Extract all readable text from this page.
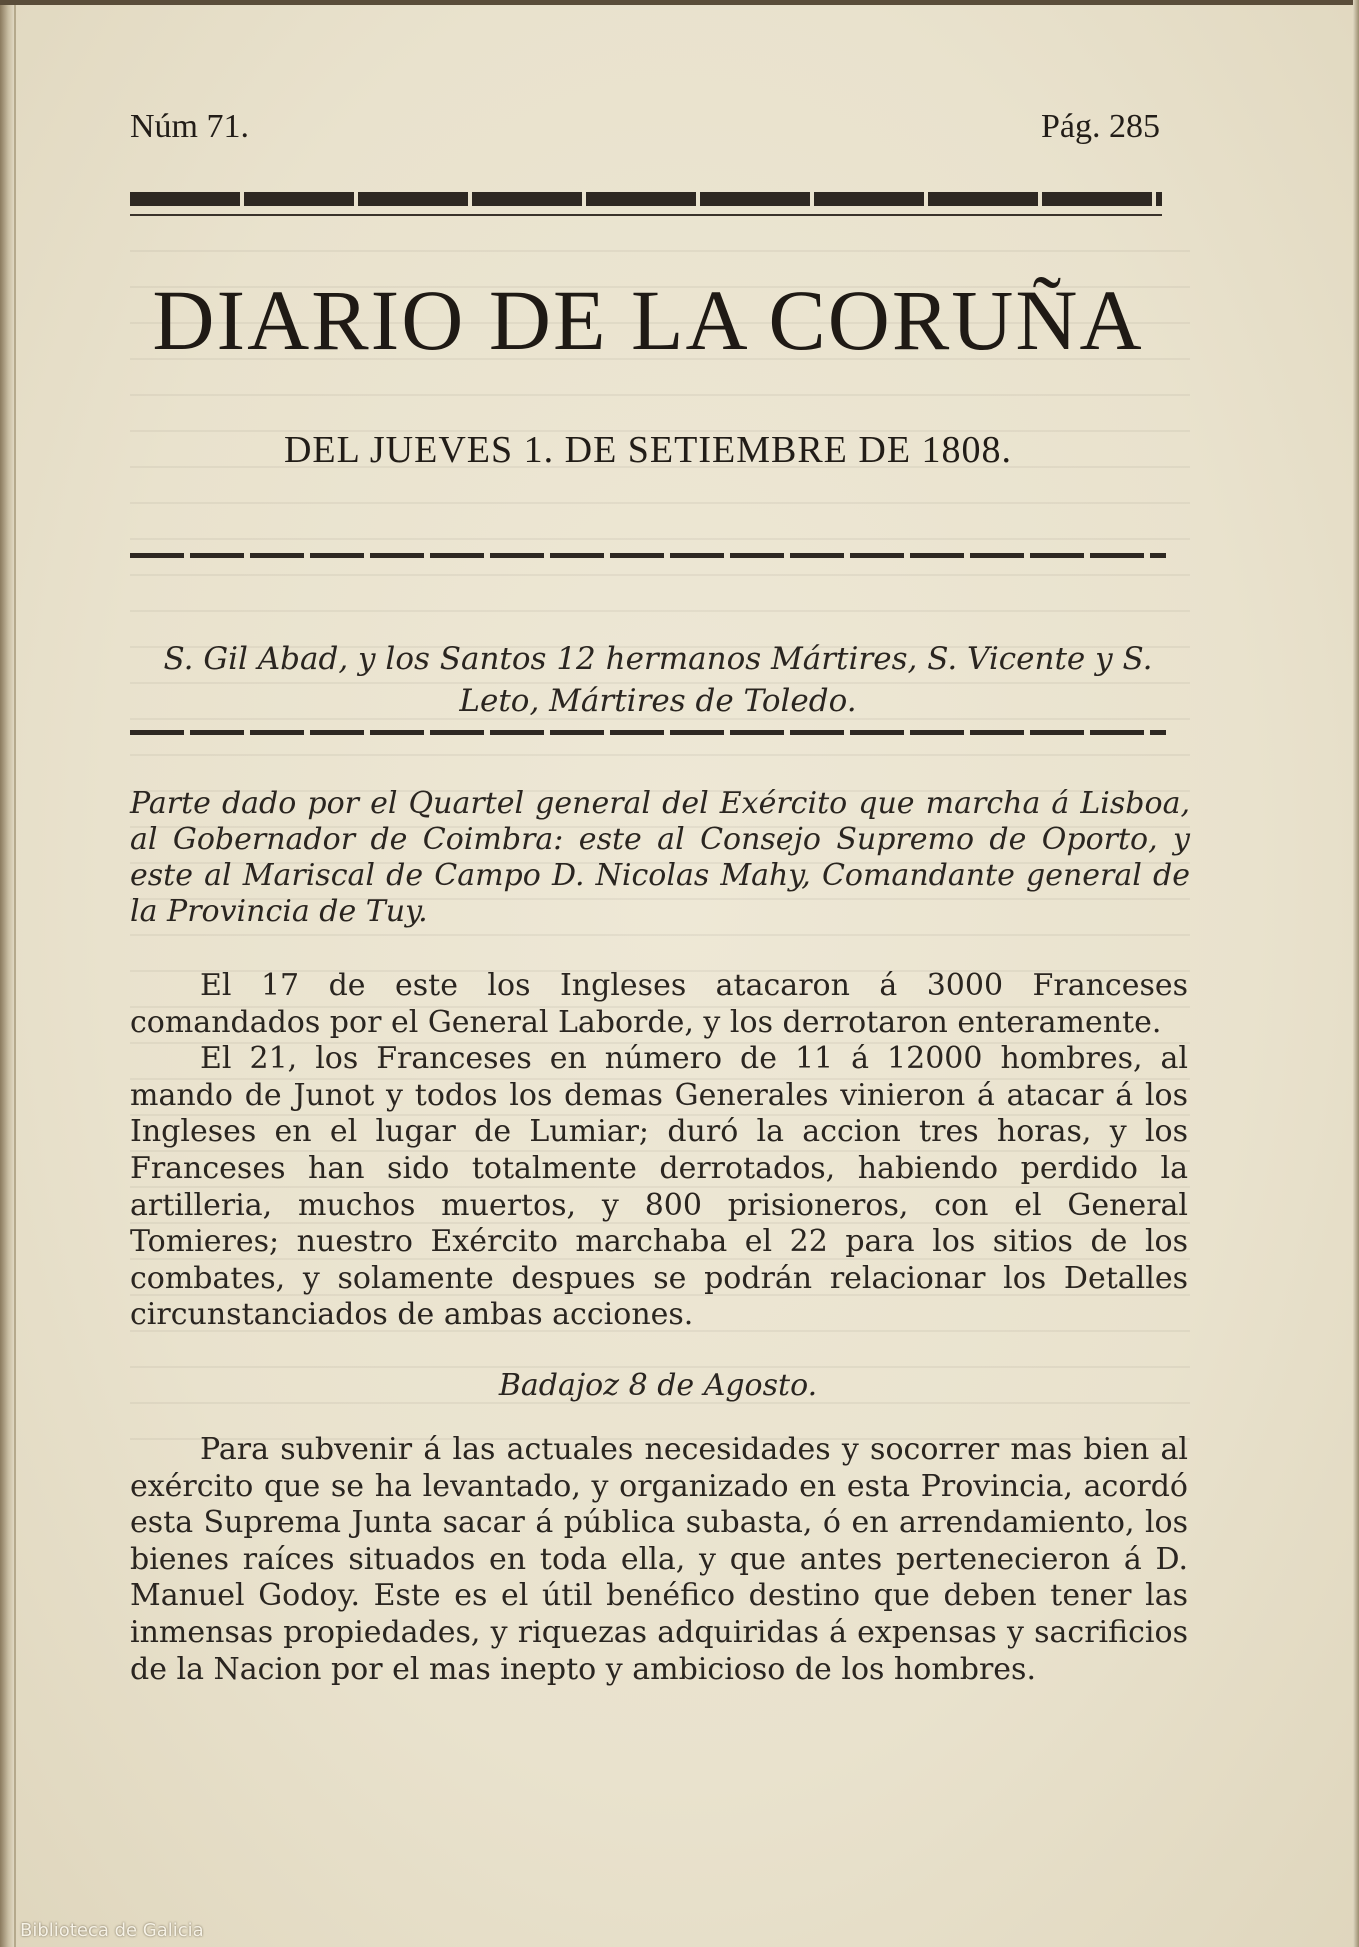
Núm 71.	Pág. 285
DIARIO DE LA CORUÑA
DEL JUEVES 1. DE SETIEMBRE DE 1808.
S. Gil Abad, y los Santos 12 hermanos Mártires, S. Vicente y S. Leto, Mártires de Toledo.
Parte dado por el Quartel general del Exército que marcha á Lisboa, al Gobernador de Coimbra: este al Consejo Supremo de Oporto, y este al Mariscal de Campo D. Nicolas Mahy, Comandante general de la Provincia de Tuy.

El 17 de este los Ingleses atacaron á 3000 Franceses comandados por el General Laborde, y los derrotaron enteramente.

El 21, los Franceses en número de 11 á 12000 hombres, al mando de Junot y todos los demas Generales vinieron á atacar á los Ingleses en el lugar de Lumiar; duró la accion tres horas, y los Franceses han sido totalmente derrotados, habiendo perdido la artilleria, muchos muertos, y 800 prisioneros, con el General Tomieres; nuestro Exército marchaba el 22 para los sitios de los combates, y solamente despues se podrán relacionar los Detalles circunstanciados de ambas acciones.

Badajoz 8 de Agosto.

Para subvenir á las actuales necesidades y socorrer mas bien al exército que se ha levantado, y organizado en esta Provincia, acordó esta Suprema Junta sacar á pública subasta, ó en arrendamiento, los bienes raíces situados en toda ella, y que antes pertenecieron á D. Manuel Godoy. Este es el útil benéfico destino que deben tener las inmensas propiedades, y riquezas adquiridas á expensas y sacrificios de la Nacion por el mas inepto y ambicioso de los hombres.

Biblioteca de Galicia
